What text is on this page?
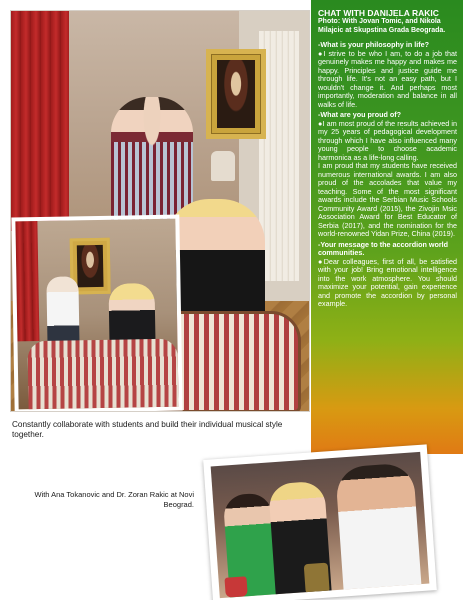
CHAT WITH DANIJELA RAKIC
Photo: With Jovan Tomic, and Nikola Milajcic at Skupstina Grada Beograda.
-What is your philosophy in life?
●I strive to be who I am, to do a job that genuinely makes me happy and makes me happy. Principles and justice guide me through life. It's not an easy path, but I wouldn't change it. And perhaps most importantly, moderation and balance in all walks of life.
-What are you proud of?
●I am most proud of the results achieved in my 25 years of pedagogical development through which I have also influenced many young people to choose academic harmonica as a life-long calling.
I am proud that my students have received numerous international awards. I am also proud of the accolades that value my teaching. Some of the most significant awards include the Serbian Music Schools Community Award (2015), the Zivojin Msic Association Award for Best Educator of Serbia (2017), and the nomination for the world-renowned Yidan Prize, China (2019).
-Your message to the accordion world communities.
●Dear colleagues, first of all, be satisfied with your job! Bring emotional intelligence into the work atmosphere. You should maximize your potential, gain experience and promote the accordion by personal example.
Constantly collaborate with students and build their individual musical style together.
With Ana Tokanovic and Dr. Zoran Rakic at Novi Beograd.
